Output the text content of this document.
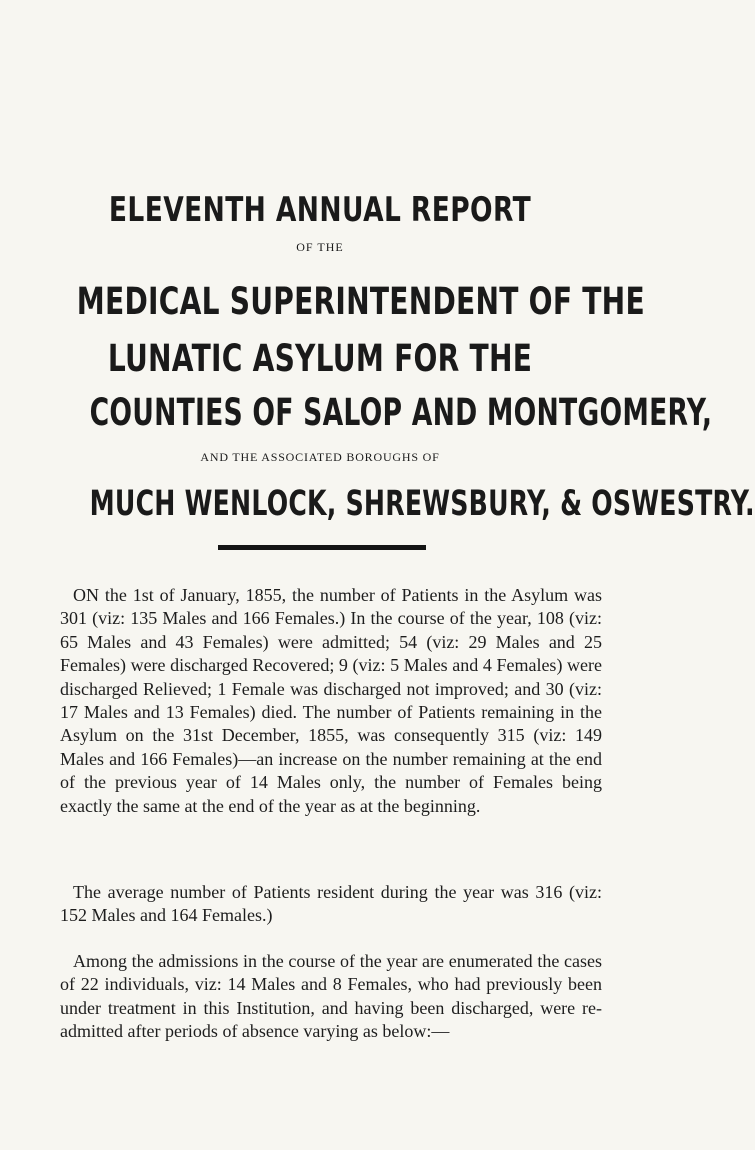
ELEVENTH ANNUAL REPORT
OF THE
MEDICAL SUPERINTENDENT OF THE
LUNATIC ASYLUM FOR THE
COUNTIES OF SALOP AND MONTGOMERY,
AND THE ASSOCIATED BOROUGHS OF
MUCH WENLOCK, SHREWSBURY, & OSWESTRY.

ON the 1st of January, 1855, the number of Patients in the Asylum was 301 (viz: 135 Males and 166 Females.) In the course of the year, 108 (viz: 65 Males and 43 Females) were admitted; 54 (viz: 29 Males and 25 Females) were discharged Recovered; 9 (viz: 5 Males and 4 Females) were discharged Relieved; 1 Female was discharged not improved; and 30 (viz: 17 Males and 13 Females) died. The number of Patients remaining in the Asylum on the 31st December, 1855, was consequently 315 (viz: 149 Males and 166 Females)—an increase on the number remaining at the end of the previous year of 14 Males only, the number of Females being exactly the same at the end of the year as at the beginning.

The average number of Patients resident during the year was 316 (viz: 152 Males and 164 Females.)

Among the admissions in the course of the year are enumerated the cases of 22 individuals, viz: 14 Males and 8 Females, who had previously been under treatment in this Institution, and having been discharged, were re-admitted after periods of absence varying as below:—
